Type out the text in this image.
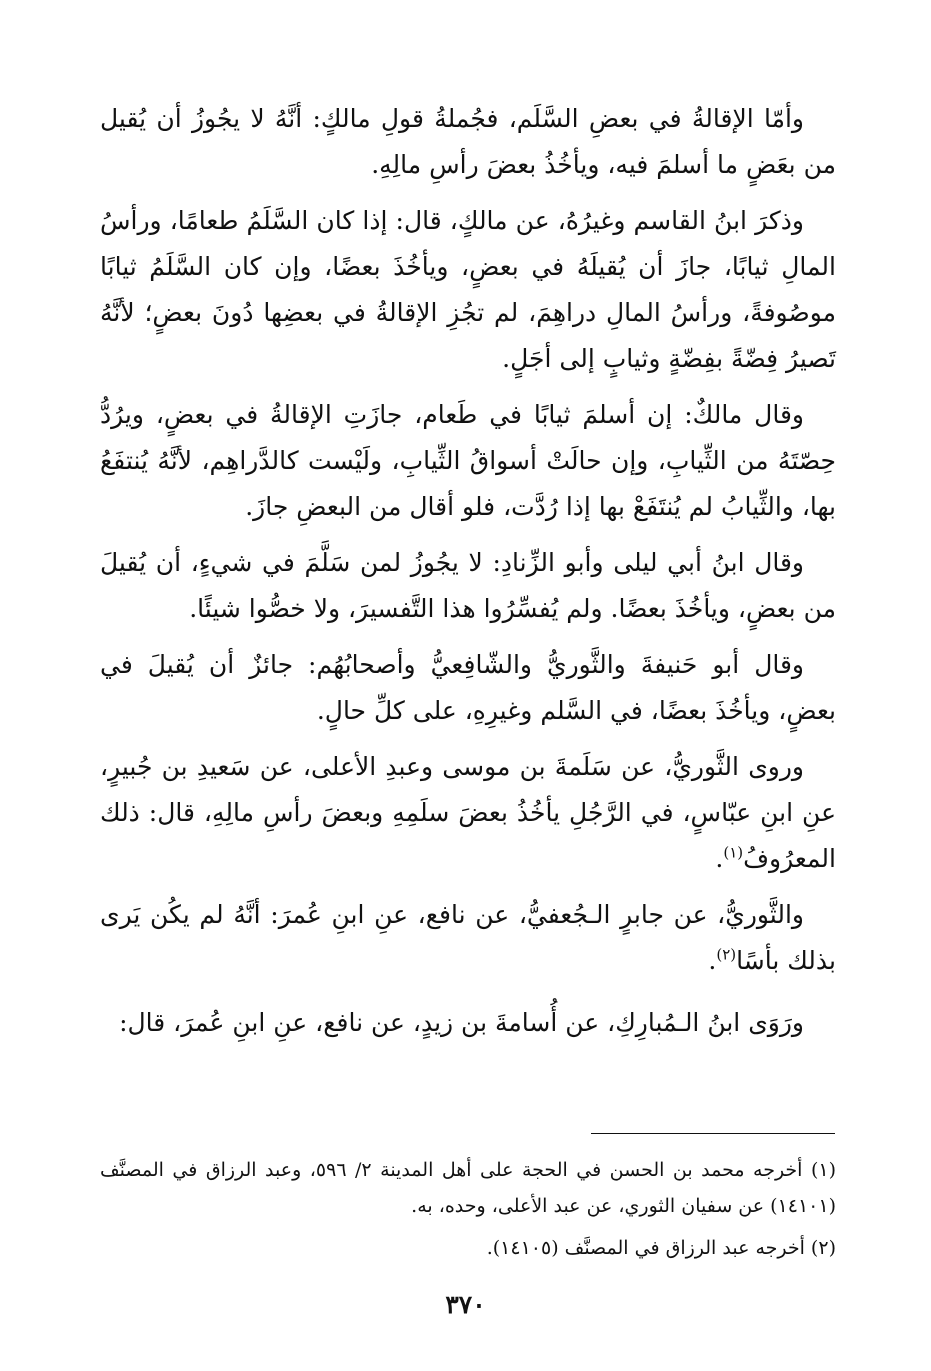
وأمّا الإقالةُ في بعضِ السَّلَم، فجُملةُ قولِ مالكٍ: أنَّهُ لا يجُوزُ أن يُقيل من بعَضٍ ما أسلمَ فيه، ويأخُذُ بعضَ رأسِ مالِهِ.

وذكرَ ابنُ القاسم وغيرُهُ، عن مالكٍ، قال: إذا كان السَّلَمُ طعامًا، ورأسُ المالِ ثيابًا، جازَ أن يُقيلَهُ في بعضٍ، ويأخُذَ بعضًا، وإن كان السَّلَمُ ثيابًا موصُوفةً، ورأسُ المالِ دراهِمَ، لم تجُزِ الإقالةُ في بعضِها دُونَ بعضٍ؛ لأنَّهُ تَصيرُ فِضّةً بفِضّةٍ وثيابٍ إلى أجَلٍ.

وقال مالكٌ: إن أسلمَ ثيابًا في طَعام، جازَتِ الإقالةُ في بعضٍ، ويرُدُّ حِصّتَهُ من الثِّيابِ، وإن حالَتْ أسواقُ الثِّيابِ، ولَيْست كالدَّراهِم، لأنَّهُ يُنتفَعُ بها، والثِّيابُ لم يُنتَفَعْ بها إذا رُدَّت، فلو أقال من البعضِ جازَ.

وقال ابنُ أبي ليلى وأبو الزِّنادِ: لا يجُوزُ لمن سَلَّمَ في شيءٍ، أن يُقيلَ من بعضٍ، ويأخُذَ بعضًا. ولم يُفسِّرُوا هذا التَّفسيرَ، ولا خصُّوا شيئًا.

وقال أبو حَنيفةَ والثَّوريُّ والشّافِعيُّ وأصحابُهُم: جائزٌ أن يُقيلَ في بعضٍ، ويأخُذَ بعضًا، في السَّلم وغيرِهِ، على كلِّ حالٍ.

وروى الثَّوريُّ، عن سَلَمةَ بن موسى وعبدِ الأعلى، عن سَعيدِ بن جُبيرٍ، عنِ ابنِ عبّاسٍ، في الرَّجُلِ يأخُذُ بعضَ سلَمِهِ وبعضَ رأسِ مالِهِ، قال: ذلك المعرُوفُ$^{(١)}$.

والثَّوريُّ، عن جابرٍ الـجُعفيُّ، عن نافع، عنِ ابنِ عُمرَ: أنَّهُ لم يكُن يَرى بذلك بأسًا$^{(٢)}$.

ورَوَى ابنُ الـمُبارِكِ، عن أُسامةَ بن زيدٍ، عن نافع، عنِ ابنِ عُمرَ، قال:

(١) أخرجه محمد بن الحسن في الحجة على أهل المدينة ٢/ ٥٩٦، وعبد الرزاق في المصنَّف (١٤١٠١) عن سفيان الثوري، عن عبد الأعلى، وحده، به.

(٢) أخرجه عبد الرزاق في المصنَّف (١٤١٠٥).

٣٧٠
